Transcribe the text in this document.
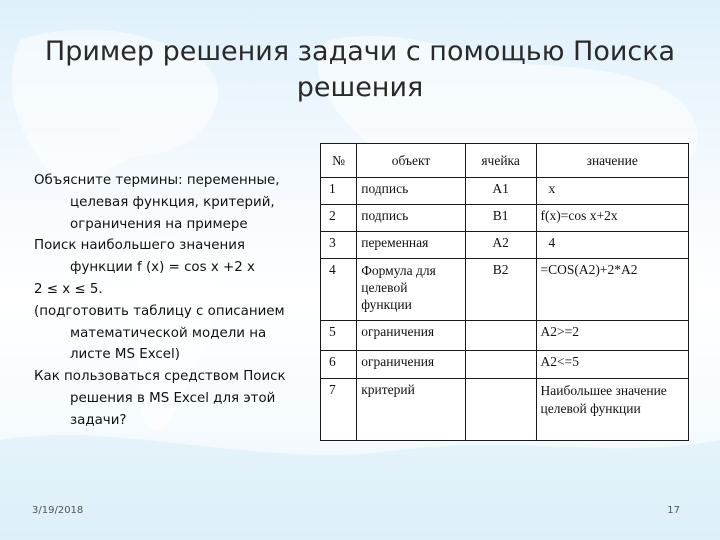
Пример решения задачи с помощью Поиска
решения
Объясните термины: переменные,
целевая функция, критерий,
ограничения на примере
Поиск наибольшего значения
функции f (x) = cos x +2 x
2 ≤ x ≤ 5.
(подготовить таблицу с описанием
математической модели на
листе MS Excel)
Как пользоваться средством Поиск
решения в MS Excel для этой
задачи?
№	объект	ячейка	значение
1	подпись	A1	x
2	подпись	B1	f(x)=cos x+2x
3	переменная	A2	4
4	Формула для целевой функции	B2	=COS(A2)+2*A2
5	ограничения		A2>=2
6	ограничения		A2<=5
7	критерий		Наибольшее значение целевой функции
3/19/2018	17
